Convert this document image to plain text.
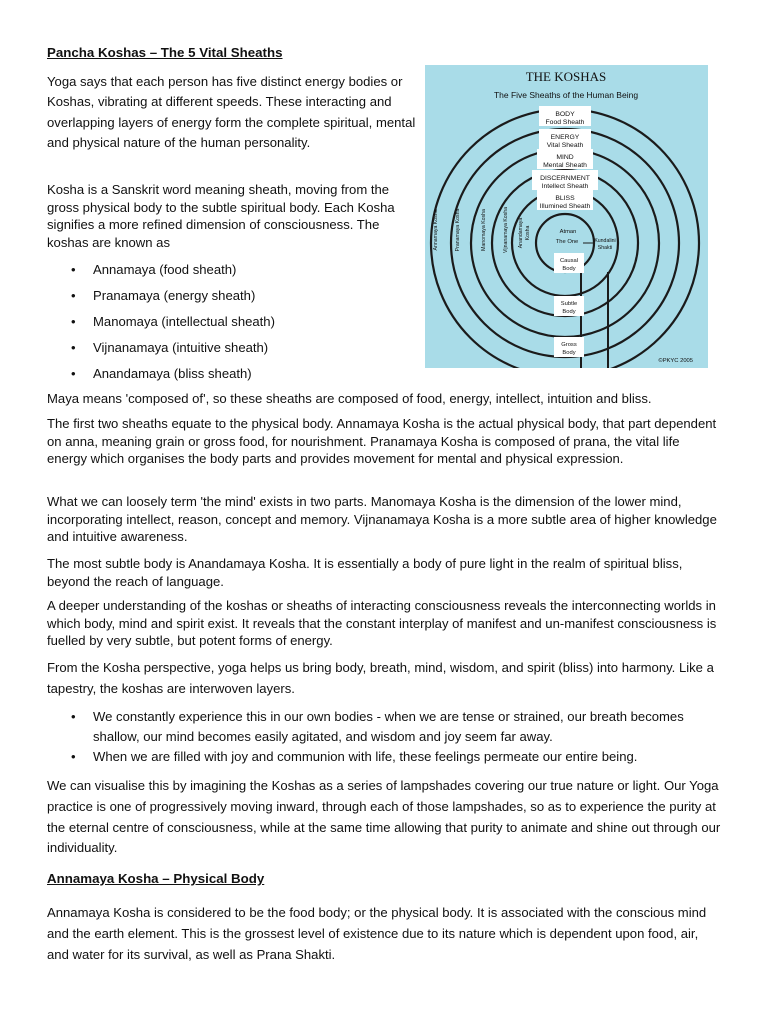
Pancha Koshas – The 5 Vital Sheaths

Yoga says that each person has five distinct energy bodies or Koshas, vibrating at different speeds. These interacting and overlapping layers of energy form the complete spiritual, mental and physical nature of the human personality.

Kosha is a Sanskrit word meaning sheath, moving from the gross physical body to the subtle spiritual body. Each Kosha signifies a more refined dimension of consciousness. The koshas are known as

• Annamaya (food sheath)
• Pranamaya (energy sheath)
• Manomaya (intellectual sheath)
• Vijnanamaya (intuitive sheath)
• Anandamaya (bliss sheath)

Maya means 'composed of', so these sheaths are composed of food, energy, intellect, intuition and bliss.

The first two sheaths equate to the physical body. Annamaya Kosha is the actual physical body, that part dependent on anna, meaning grain or gross food, for nourishment. Pranamaya Kosha is composed of prana, the vital life energy which organises the body parts and provides movement for mental and physical expression.

What we can loosely term 'the mind' exists in two parts. Manomaya Kosha is the dimension of the lower mind, incorporating intellect, reason, concept and memory. Vijnanamaya Kosha is a more subtle area of higher knowledge and intuitive awareness.

The most subtle body is Anandamaya Kosha. It is essentially a body of pure light in the realm of spiritual bliss, beyond the reach of language.

A deeper understanding of the koshas or sheaths of interacting consciousness reveals the interconnecting worlds in which body, mind and spirit exist. It reveals that the constant interplay of manifest and un-manifest consciousness is fuelled by very subtle, but potent forms of energy.

From the Kosha perspective, yoga helps us bring body, breath, mind, wisdom, and spirit (bliss) into harmony. Like a tapestry, the koshas are interwoven layers.

• We constantly experience this in our own bodies - when we are tense or strained, our breath becomes shallow, our mind becomes easily agitated, and wisdom and joy seem far away.
• When we are filled with joy and communion with life, these feelings permeate our entire being.

We can visualise this by imagining the Koshas as a series of lampshades covering our true nature or light. Our Yoga practice is one of progressively moving inward, through each of those lampshades, so as to experience the purity at the eternal centre of consciousness, while at the same time allowing that purity to animate and shine out through our individuality.

Annamaya Kosha – Physical Body

Annamaya Kosha is considered to be the food body; or the physical body. It is associated with the conscious mind and the earth element. This is the grossest level of existence due to its nature which is dependent upon food, air, and water for its survival, as well as Prana Shakti.

THE KOSHAS
The Five Sheaths of the Human Being
BODY
Food Sheath
ENERGY
Vital Sheath
MIND
Mental Sheath
DISCERNMENT
Intellect Sheath
BLISS
Illumined Sheath
Atman
Kundalini
Shakti
The One
Causal
Body
Subtle
Body
Gross
Body
Annamaya Kosha	Pranamaya Kosha	Manomaya Kosha	Vijnanamaya Kosha Anandamaya Kosha
©PKYC 2005
